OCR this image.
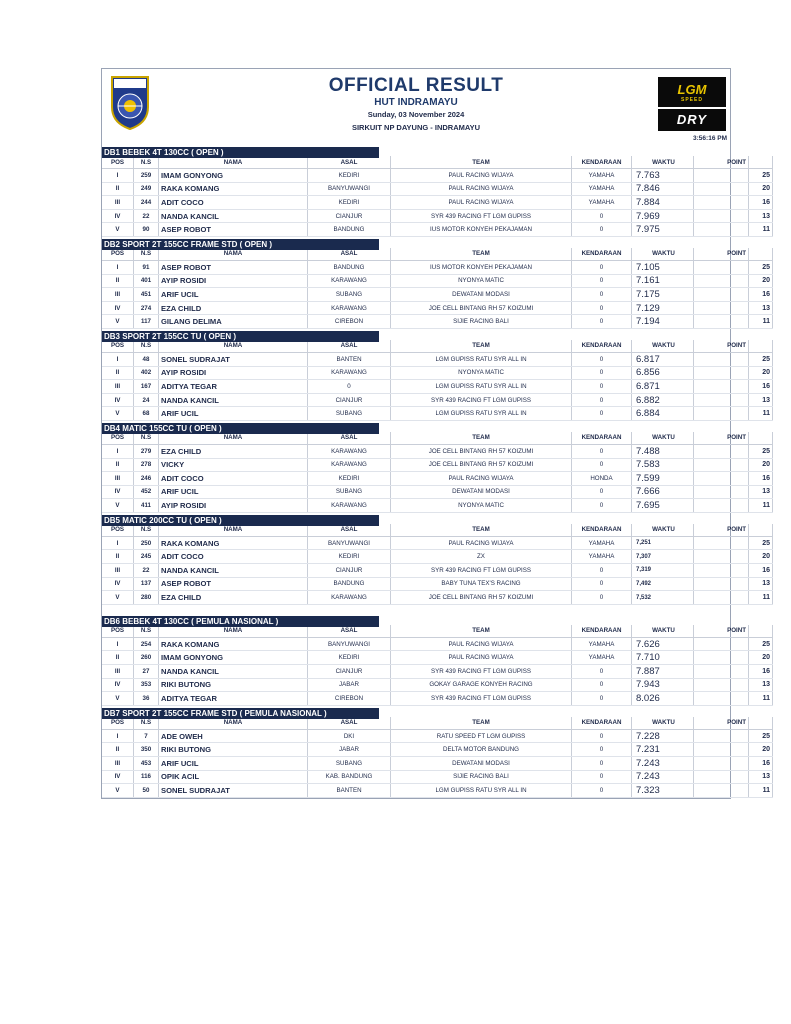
OFFICIAL RESULT
HUT INDRAMAYU
Sunday, 03 November 2024
SIRKUIT NP DAYUNG - INDRAMAYU
LGM
SPEED
DRY
3:56:16 PM
DB1 BEBEK 4T 130CC ( OPEN )
POS	N.S	NAMA	ASAL	TEAM	KENDARAAN	WAKTU	POINT	
I	259	IMAM GONYONG	KEDIRI	PAUL RACING WIJAYA	YAMAHA	7.763		25
II	249	RAKA KOMANG	BANYUWANGI	PAUL RACING WIJAYA	YAMAHA	7.846		20
III	244	ADIT COCO	KEDIRI	PAUL RACING WIJAYA	YAMAHA	7.884		16
IV	22	NANDA KANCIL	CIANJUR	SYR 439 RACING FT LGM GUPISS	0	7.969		13
V	90	ASEP ROBOT	BANDUNG	IUS MOTOR KONYEH PEKAJAMAN	0	7.975		11
DB2 SPORT 2T 155CC FRAME STD ( OPEN )
POS	N.S	NAMA	ASAL	TEAM	KENDARAAN	WAKTU	POINT	
I	91	ASEP ROBOT	BANDUNG	IUS MOTOR KONYEH PEKAJAMAN	0	7.105		25
II	401	AYIP ROSIDI	KARAWANG	NYONYA MATIC	0	7.161		20
III	451	ARIF UCIL	SUBANG	DEWATANI MODASI	0	7.175		16
IV	274	EZA CHILD	KARAWANG	JOE CELL BINTANG RH 57 KOIZUMI	0	7.129		13
V	117	GILANG DELIMA	CIREBON	SIJIE RACING BALI	0	7.194		11
DB3 SPORT 2T 155CC TU ( OPEN )
POS	N.S	NAMA	ASAL	TEAM	KENDARAAN	WAKTU	POINT	
I	48	SONEL SUDRAJAT	BANTEN	LGM GUPISS RATU SYR ALL IN	0	6.817		25
II	402	AYIP ROSIDI	KARAWANG	NYONYA MATIC	0	6.856		20
III	167	ADITYA TEGAR	0	LGM GUPISS RATU SYR ALL IN	0	6.871		16
IV	24	NANDA KANCIL	CIANJUR	SYR 439 RACING FT LGM GUPISS	0	6.882		13
V	68	ARIF UCIL	SUBANG	LGM GUPISS RATU SYR ALL IN	0	6.884		11
DB4 MATIC 155CC TU ( OPEN )
POS	N.S	NAMA	ASAL	TEAM	KENDARAAN	WAKTU	POINT	
I	279	EZA CHILD	KARAWANG	JOE CELL BINTANG RH 57 KOIZUMI	0	7.488		25
II	278	VICKY	KARAWANG	JOE CELL BINTANG RH 57 KOIZUMI	0	7.583		20
III	246	ADIT COCO	KEDIRI	PAUL RACING WIJAYA	HONDA	7.599		16
IV	452	ARIF UCIL	SUBANG	DEWATANI MODASI	0	7.666		13
V	411	AYIP ROSIDI	KARAWANG	NYONYA MATIC	0	7.695		11
DB5 MATIC 200CC TU ( OPEN )
POS	N.S	NAMA	ASAL	TEAM	KENDARAAN	WAKTU	POINT	
I	250	RAKA KOMANG	BANYUWANGI	PAUL RACING WIJAYA	YAMAHA	7,251		25
II	245	ADIT COCO	KEDIRI	ZX	YAMAHA	7,307		20
III	22	NANDA KANCIL	CIANJUR	SYR 439 RACING FT LGM GUPISS	0	7,319		16
IV	137	ASEP ROBOT	BANDUNG	BABY TUNA TEX'S RACING	0	7,492		13
V	280	EZA CHILD	KARAWANG	JOE CELL BINTANG RH 57 KOIZUMI	0	7,532		11
DB6 BEBEK 4T 130CC ( PEMULA NASIONAL )
POS	N.S	NAMA	ASAL	TEAM	KENDARAAN	WAKTU	POINT	
I	254	RAKA KOMANG	BANYUWANGI	PAUL RACING WIJAYA	YAMAHA	7.626		25
II	260	IMAM GONYONG	KEDIRI	PAUL RACING WIJAYA	YAMAHA	7.710		20
III	27	NANDA KANCIL	CIANJUR	SYR 439 RACING FT LGM GUPISS	0	7.887		16
IV	353	RIKI BUTONG	JABAR	GOKAY GARAGE KONYEH RACING	0	7.943		13
V	36	ADITYA TEGAR	CIREBON	SYR 439 RACING FT LGM GUPISS	0	8.026		11
DB7 SPORT 2T 155CC FRAME STD ( PEMULA NASIONAL )
POS	N.S	NAMA	ASAL	TEAM	KENDARAAN	WAKTU	POINT	
I	7	ADE OWEH	DKI	RATU SPEED FT LGM GUPISS	0	7.228		25
II	350	RIKI BUTONG	JABAR	DELTA MOTOR BANDUNG	0	7.231		20
III	453	ARIF UCIL	SUBANG	DEWATANI MODASI	0	7.243		16
IV	116	OPIK ACIL	KAB. BANDUNG	SIJIE RACING BALI	0	7.243		13
V	50	SONEL SUDRAJAT	BANTEN	LGM GUPISS RATU SYR ALL IN	0	7.323		11
